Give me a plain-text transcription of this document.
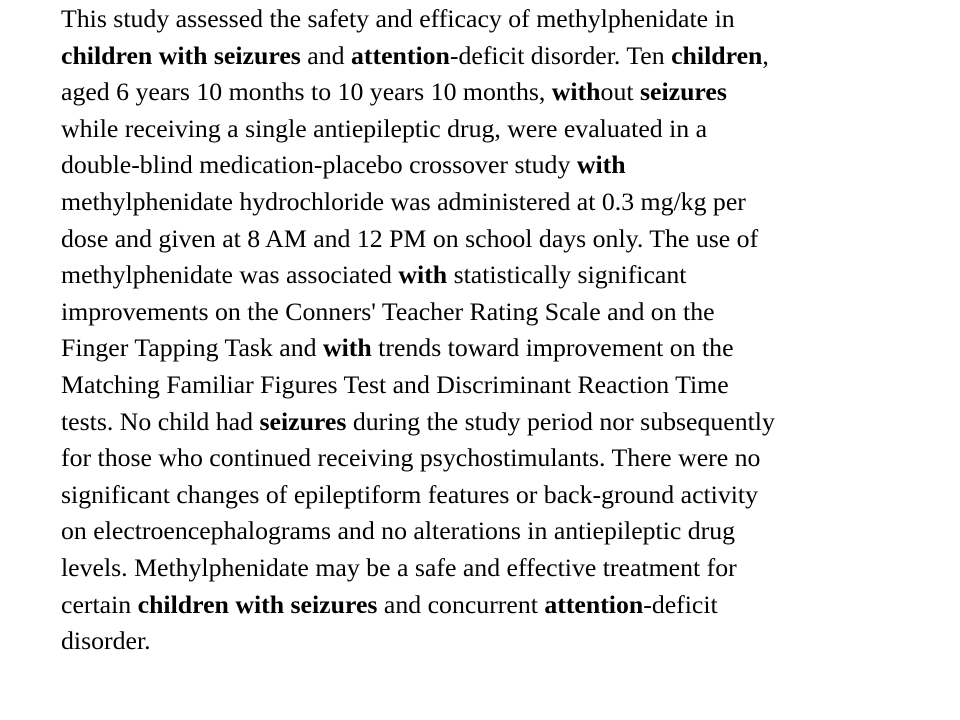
This study assessed the safety and efficacy of methylphenidate in
children with seizures and attention-deficit disorder. Ten children,
aged 6 years 10 months to 10 years 10 months, without seizures
while receiving a single antiepileptic drug, were evaluated in a
double-blind medication-placebo crossover study with
methylphenidate hydrochloride was administered at 0.3 mg/kg per
dose and given at 8 AM and 12 PM on school days only. The use of
methylphenidate was associated with statistically significant
improvements on the Conners' Teacher Rating Scale and on the
Finger Tapping Task and with trends toward improvement on the
Matching Familiar Figures Test and Discriminant Reaction Time
tests. No child had seizures during the study period nor subsequently
for those who continued receiving psychostimulants. There were no
significant changes of epileptiform features or back-ground activity
on electroencephalograms and no alterations in antiepileptic drug
levels. Methylphenidate may be a safe and effective treatment for
certain children with seizures and concurrent attention-deficit
disorder.
